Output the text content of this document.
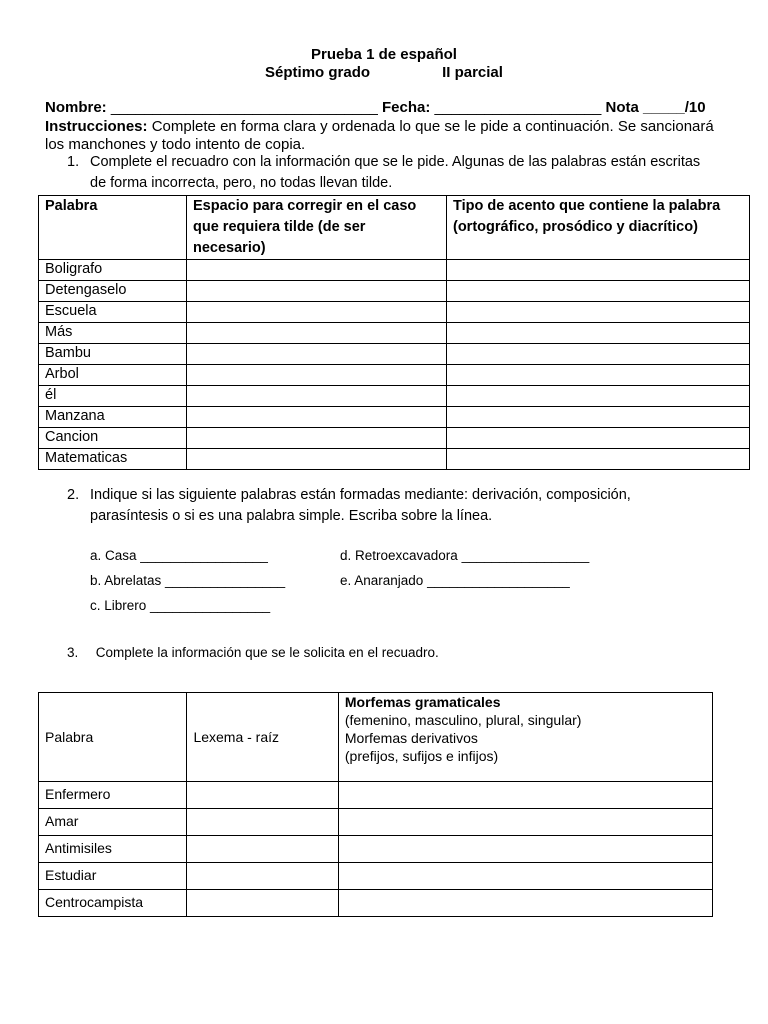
Prueba 1 de español
Séptimo grado	II parcial
Nombre: ________________________________ Fecha: ____________________ Nota _____/10
Instrucciones: Complete en forma clara y ordenada lo que se le pide a continuación. Se sancionará los manchones y todo intento de copia.
1. Complete el recuadro con la información que se le pide. Algunas de las palabras están escritas de forma incorrecta, pero, no todas llevan tilde.
Palabra	Espacio para corregir en el caso que requiera tilde (de ser necesario)	Tipo de acento que contiene la palabra (ortográfico, prosódico y diacrítico)
Boligrafo		
Detengaselo		
Escuela		
Más		
Bambu		
Arbol		
él		
Manzana		
Cancion		
Matematicas		
2. Indique si las siguiente palabras están formadas mediante: derivación, composición, parasíntesis o si es una palabra simple. Escriba sobre la línea.
a. Casa _________________
b. Abrelatas ________________
c. Librero ________________
d. Retroexcavadora _________________
e. Anaranjado ___________________
3. Complete la información que se le solicita en el recuadro.
Palabra	Lexema - raíz	Morfemas gramaticales
(femenino, masculino, plural, singular)
Morfemas derivativos
(prefijos, sufijos e infijos)
Enfermero		
Amar		
Antimisiles		
Estudiar		
Centrocampista		
